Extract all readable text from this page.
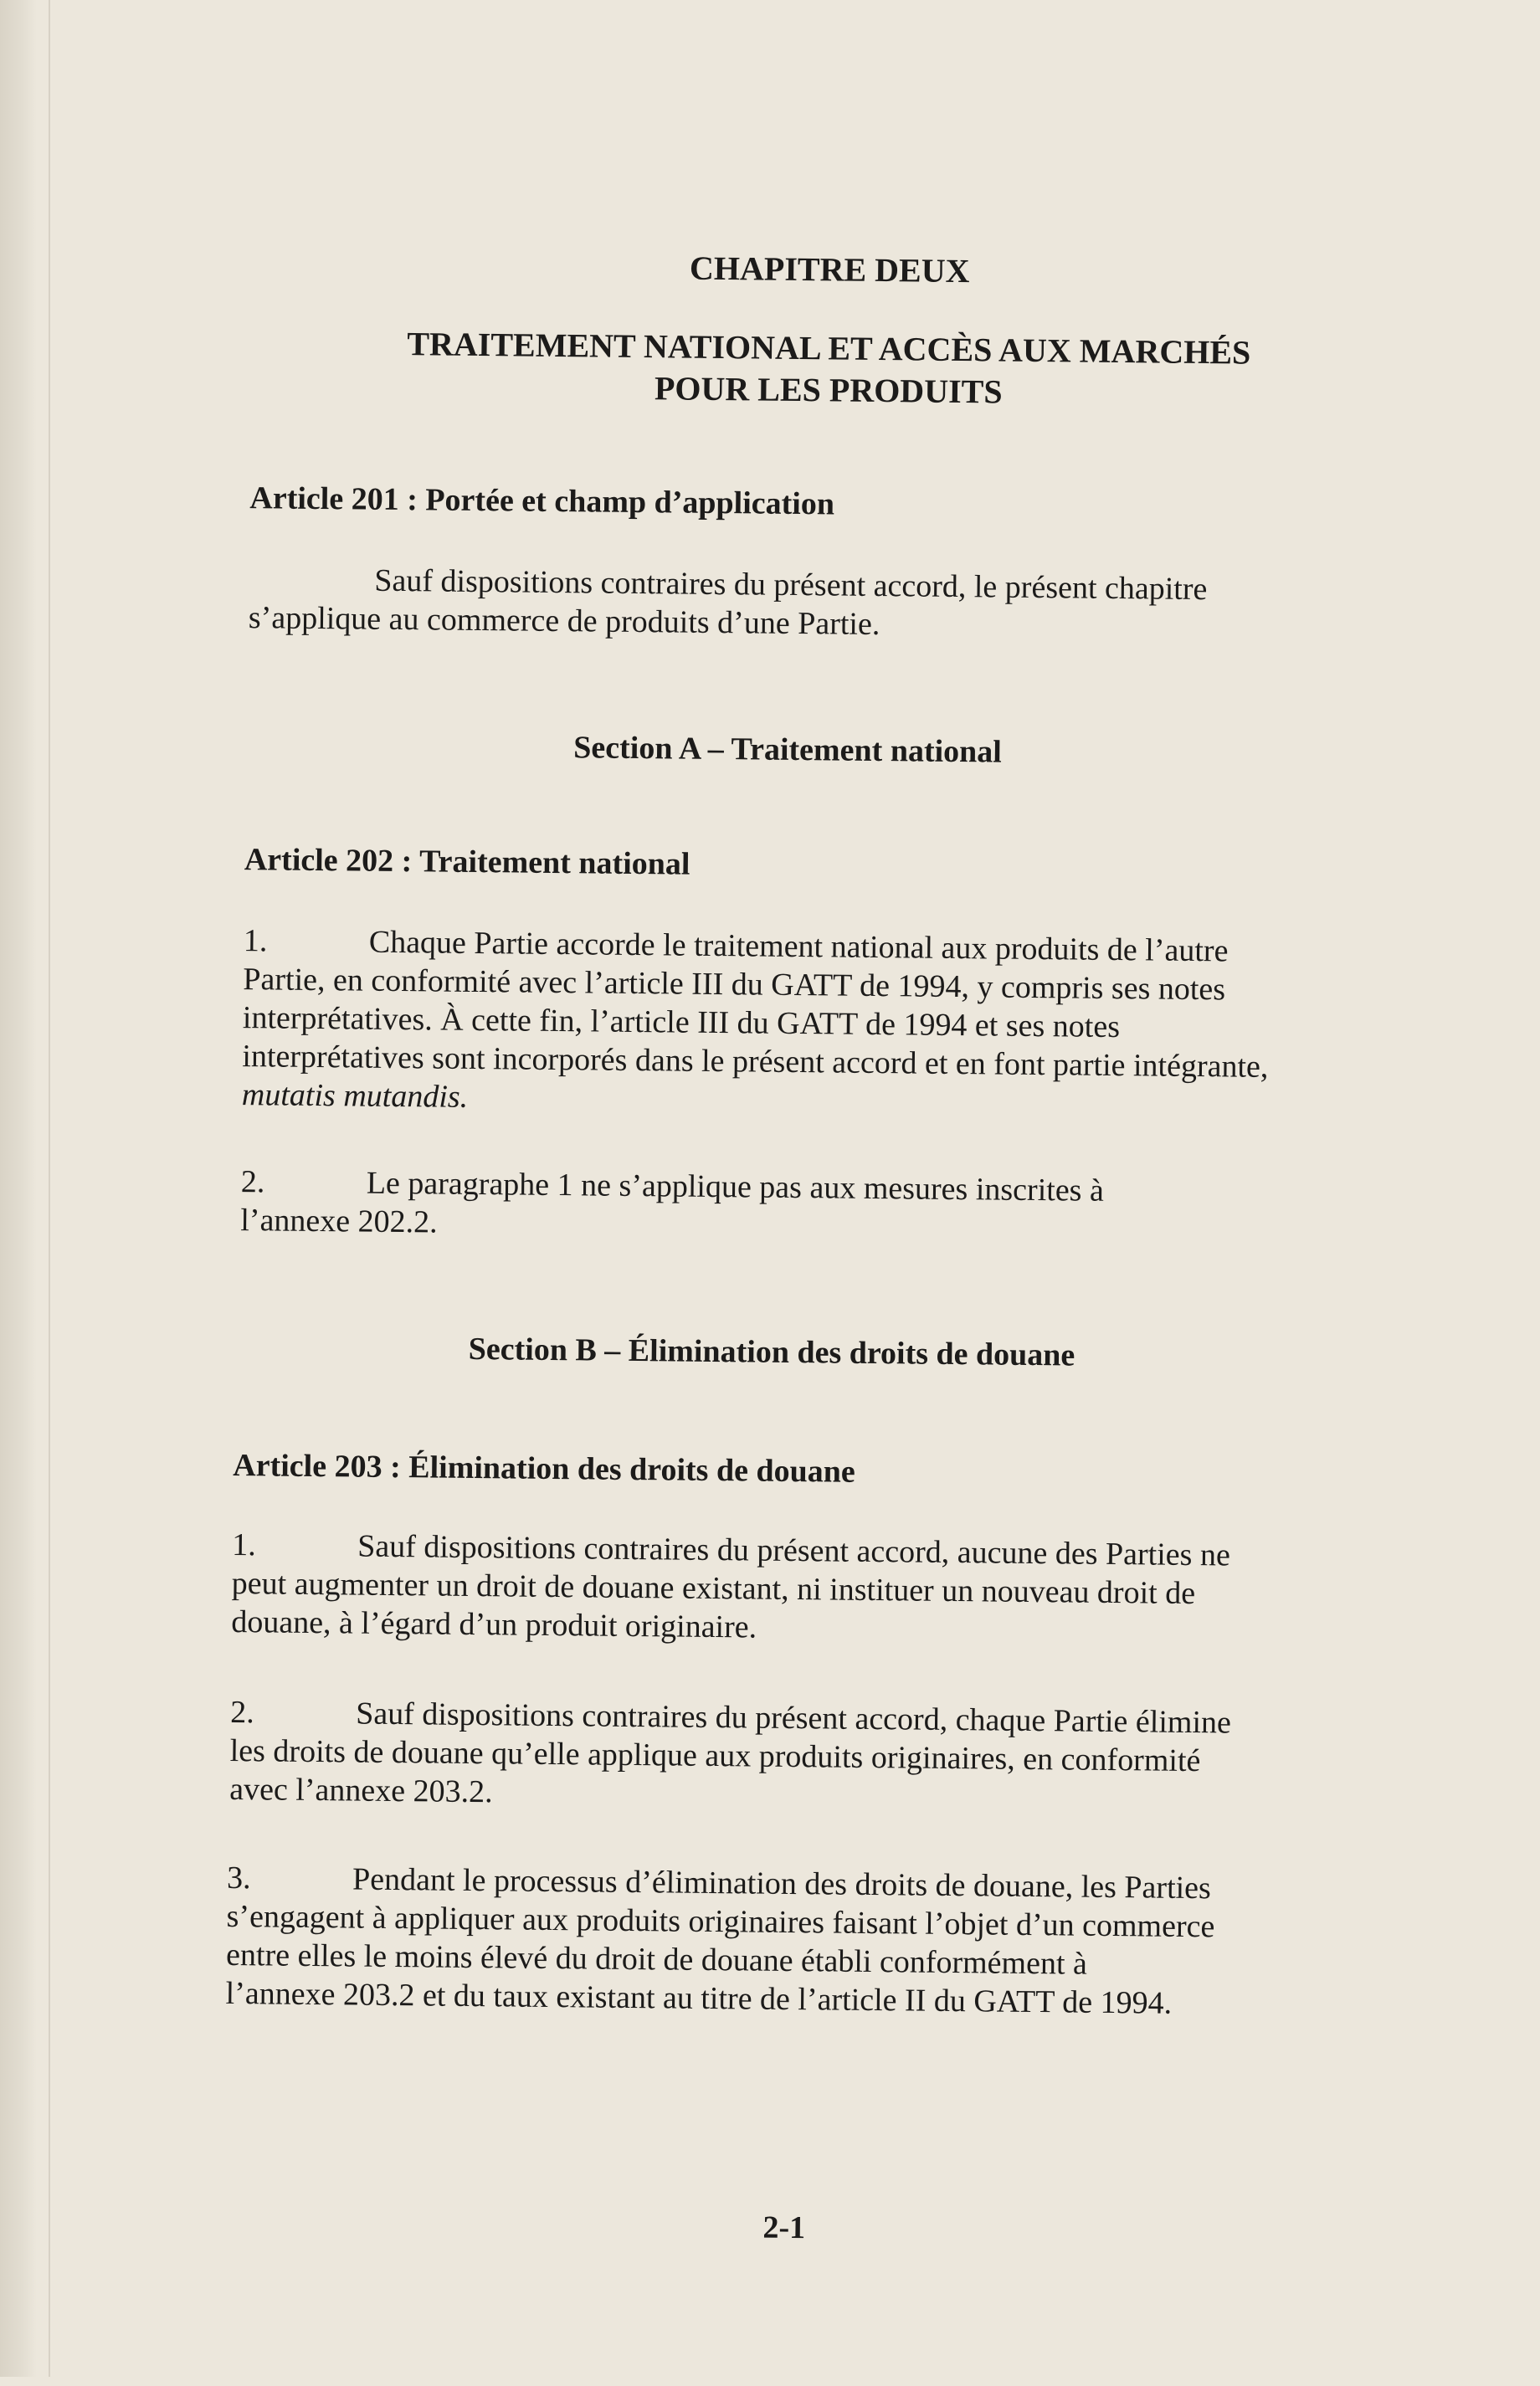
CHAPITRE DEUX
TRAITEMENT NATIONAL ET ACCÈS AUX MARCHÉS
POUR LES PRODUITS
Article 201 : Portée et champ d’application
Sauf dispositions contraires du présent accord, le présent chapitre
s’applique au commerce de produits d’une Partie.
Section A – Traitement national
Article 202 : Traitement national
1.	Chaque Partie accorde le traitement national aux produits de l’autre
Partie, en conformité avec l’article III du GATT de 1994, y compris ses notes
interprétatives. À cette fin, l’article III du GATT de 1994 et ses notes
interprétatives sont incorporés dans le présent accord et en font partie intégrante,
mutatis mutandis.
2.	Le paragraphe 1 ne s’applique pas aux mesures inscrites à
l’annexe 202.2.
Section B – Élimination des droits de douane
Article 203 : Élimination des droits de douane
1.	Sauf dispositions contraires du présent accord, aucune des Parties ne
peut augmenter un droit de douane existant, ni instituer un nouveau droit de
douane, à l’égard d’un produit originaire.
2.	Sauf dispositions contraires du présent accord, chaque Partie élimine
les droits de douane qu’elle applique aux produits originaires, en conformité
avec l’annexe 203.2.
3.	Pendant le processus d’élimination des droits de douane, les Parties
s’engagent à appliquer aux produits originaires faisant l’objet d’un commerce
entre elles le moins élevé du droit de douane établi conformément à
l’annexe 203.2 et du taux existant au titre de l’article II du GATT de 1994.
2-1
